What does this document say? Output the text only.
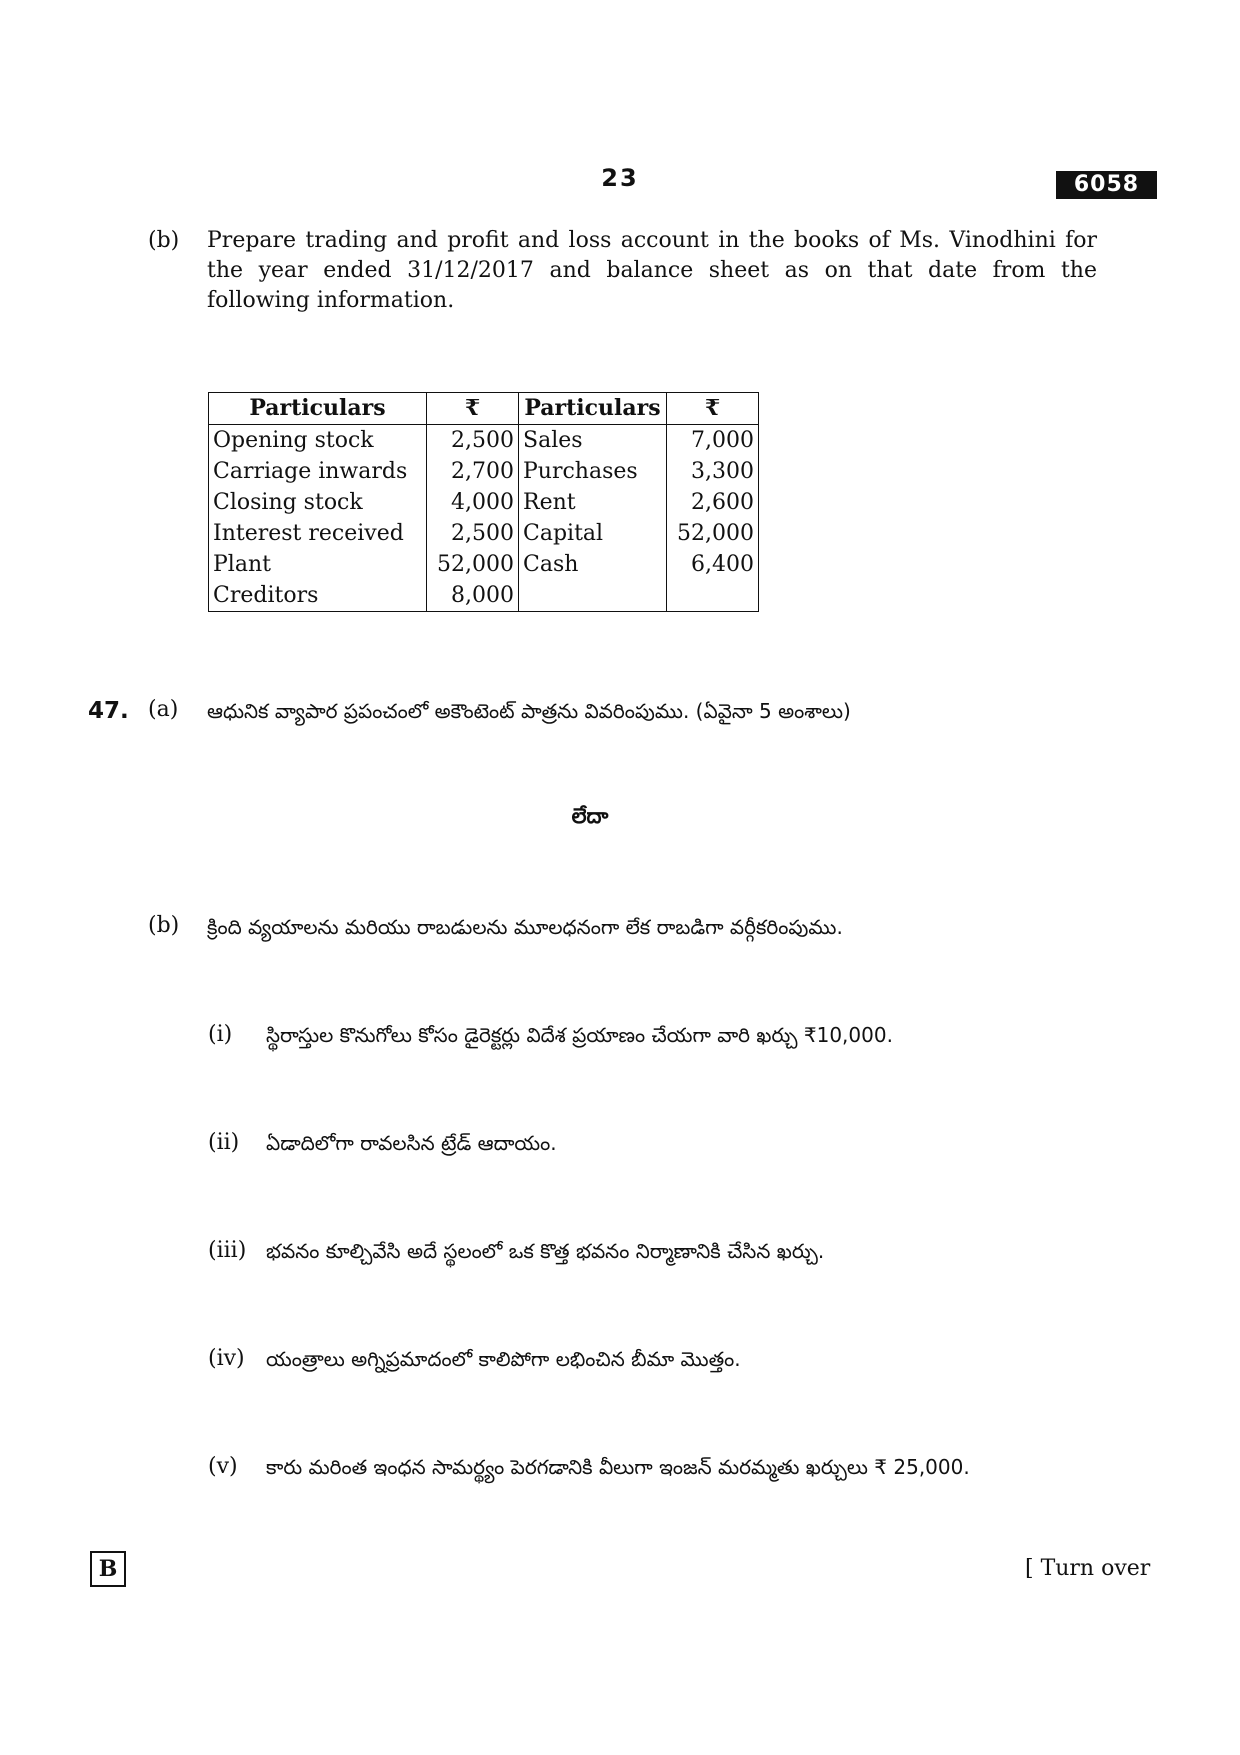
23	6058
(b) Prepare trading and profit and loss account in the books of Ms. Vinodhini for the year ended 31/12/2017 and balance sheet as on that date from the following information.
Particulars	₹	Particulars	₹
Opening stock	2,500	Sales	7,000
Carriage inwards	2,700	Purchases	3,300
Closing stock	4,000	Rent	2,600
Interest received	2,500	Capital	52,000
Plant	52,000	Cash	6,400
Creditors	8,000		
47. (a) ఆధునిక వ్యాపార ప్రపంచంలో అకౌంటెంట్ పాత్రను వివరింపుము. (ఏవైనా 5 అంశాలు)
లేదా
(b) క్రింది వ్యయాలను మరియు రాబడులను మూలధనంగా లేక రాబడిగా వర్గీకరింపుము.
(i) స్థిరాస్తుల కొనుగోలు కోసం డైరెక్టర్లు విదేశ ప్రయాణం చేయగా వారి ఖర్చు ₹10,000.
(ii) ఏడాదిలోగా రావలసిన ట్రేడ్ ఆదాయం.
(iii) భవనం కూల్చివేసి అదే స్థలంలో ఒక కొత్త భవనం నిర్మాణానికి చేసిన ఖర్చు.
(iv) యంత్రాలు అగ్నిప్రమాదంలో కాలిపోగా లభించిన బీమా మొత్తం.
(v) కారు మరింత ఇంధన సామర్థ్యం పెరగడానికి వీలుగా ఇంజన్ మరమ్మతు ఖర్చులు ₹ 25,000.
B	[ Turn over
